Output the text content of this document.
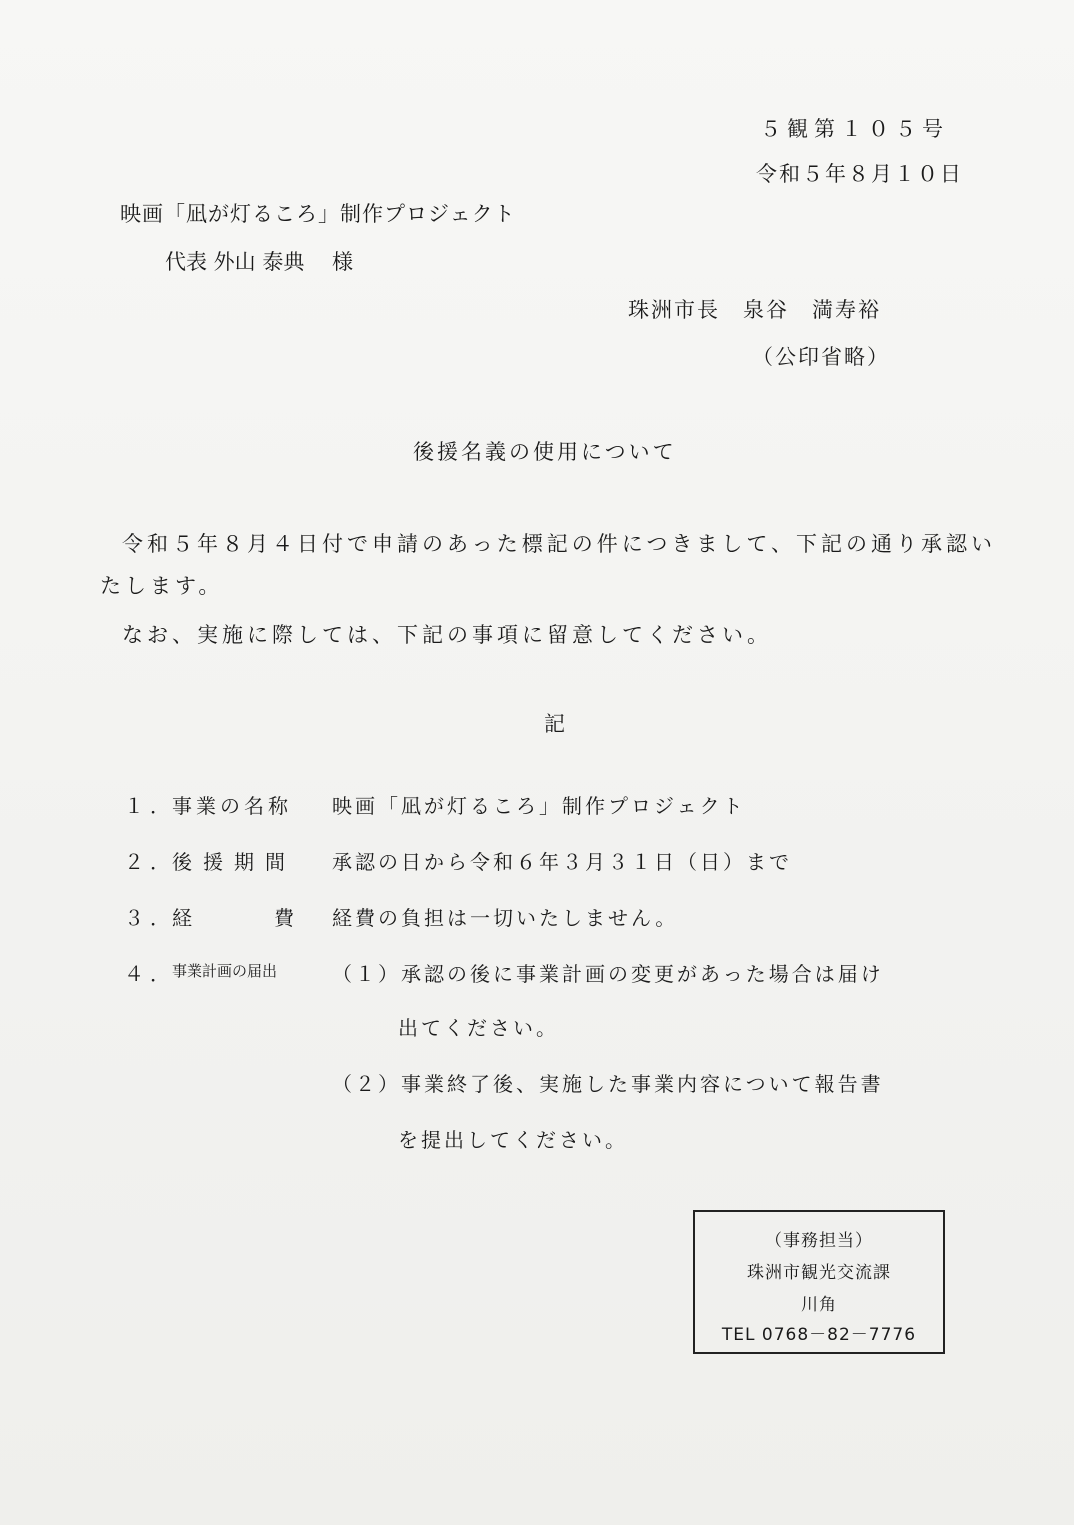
５観第１０５号
令和５年８月１０日
映画「凪が灯るころ」制作プロジェクト
代表 外山 泰典　 様
珠洲市長　泉谷　満寿裕
（公印省略）
後援名義の使用について
令和５年８月４日付で申請のあった標記の件につきまして、下記の通り承認い
たします。
なお、実施に際しては、下記の事項に留意してください。
記
１．
事業の名称 映画「凪が灯るころ」制作プロジェクト
２．
後援期間 承認の日から令和６年３月３１日（日）まで
３．
経	費 経費の負担は一切いたしません。
４．
事業計画の届出	（１）承認の後に事業計画の変更があった場合は届け
出てください。
（２）事業終了後、実施した事業内容について報告書
を提出してください。
（事務担当）
珠洲市観光交流課
川角
TEL 0768－82－7776
